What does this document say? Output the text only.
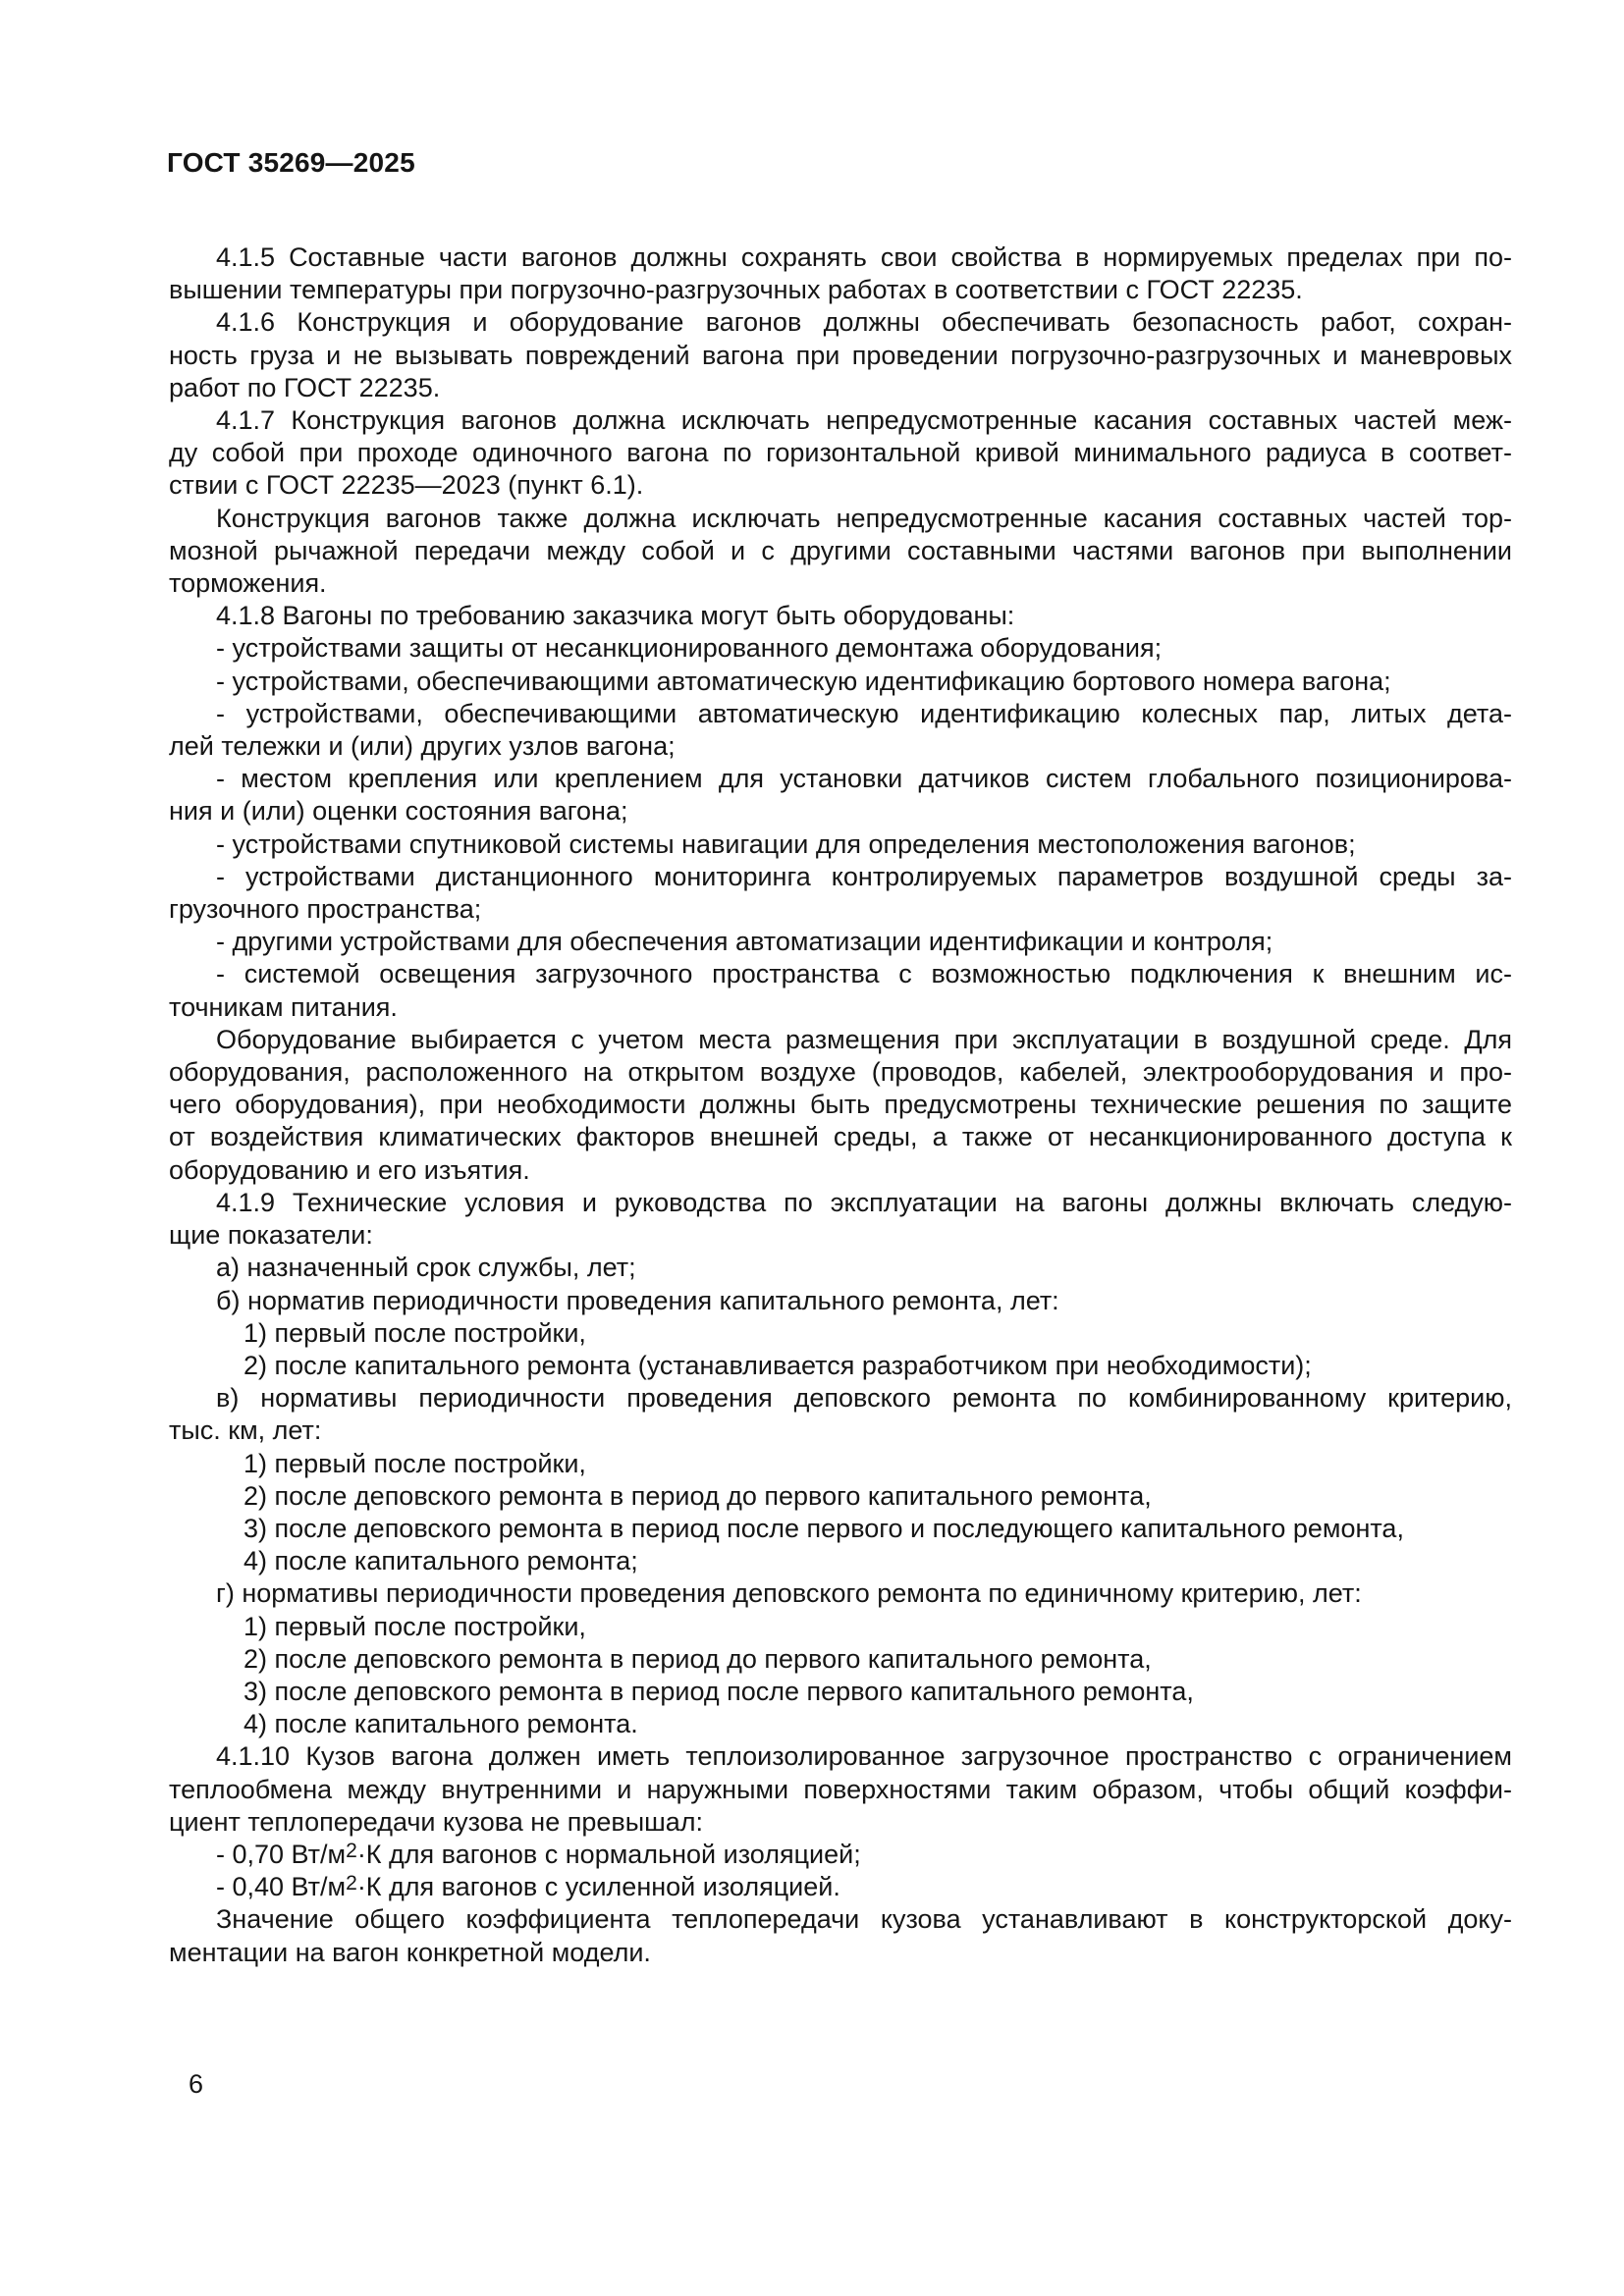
ГОСТ 35269—2025
4.1.5 Составные части вагонов должны сохранять свои свойства в нормируемых пределах при по-
вышении температуры при погрузочно-разгрузочных работах в соответствии с ГОСТ 22235.
4.1.6 Конструкция и оборудование вагонов должны обеспечивать безопасность работ, сохран-
ность груза и не вызывать повреждений вагона при проведении погрузочно-разгрузочных и маневровых
работ по ГОСТ 22235.
4.1.7 Конструкция вагонов должна исключать непредусмотренные касания составных частей меж-
ду собой при проходе одиночного вагона по горизонтальной кривой минимального радиуса в соответ-
ствии с ГОСТ 22235—2023 (пункт 6.1).
Конструкция вагонов также должна исключать непредусмотренные касания составных частей тор-
мозной рычажной передачи между собой и с другими составными частями вагонов при выполнении
торможения.
4.1.8 Вагоны по требованию заказчика могут быть оборудованы:
- устройствами защиты от несанкционированного демонтажа оборудования;
- устройствами, обеспечивающими автоматическую идентификацию бортового номера вагона;
- устройствами, обеспечивающими автоматическую идентификацию колесных пар, литых дета-
лей тележки и (или) других узлов вагона;
- местом крепления или креплением для установки датчиков систем глобального позиционирова-
ния и (или) оценки состояния вагона;
- устройствами спутниковой системы навигации для определения местоположения вагонов;
- устройствами дистанционного мониторинга контролируемых параметров воздушной среды за-
грузочного пространства;
- другими устройствами для обеспечения автоматизации идентификации и контроля;
- системой освещения загрузочного пространства с возможностью подключения к внешним ис-
точникам питания.
Оборудование выбирается с учетом места размещения при эксплуатации в воздушной среде. Для
оборудования, расположенного на открытом воздухе (проводов, кабелей, электрооборудования и про-
чего оборудования), при необходимости должны быть предусмотрены технические решения по защите
от воздействия климатических факторов внешней среды, а также от несанкционированного доступа к
оборудованию и его изъятия.
4.1.9 Технические условия и руководства по эксплуатации на вагоны должны включать следую-
щие показатели:
а) назначенный срок службы, лет;
б) норматив периодичности проведения капитального ремонта, лет:
1) первый после постройки,
2) после капитального ремонта (устанавливается разработчиком при необходимости);
в) нормативы периодичности проведения деповского ремонта по комбинированному критерию,
тыс. км, лет:
1) первый после постройки,
2) после деповского ремонта в период до первого капитального ремонта,
3) после деповского ремонта в период после первого и последующего капитального ремонта,
4) после капитального ремонта;
г) нормативы периодичности проведения деповского ремонта по единичному критерию, лет:
1) первый после постройки,
2) после деповского ремонта в период до первого капитального ремонта,
3) после деповского ремонта в период после первого капитального ремонта,
4) после капитального ремонта.
4.1.10 Кузов вагона должен иметь теплоизолированное загрузочное пространство с ограничением
теплообмена между внутренними и наружными поверхностями таким образом, чтобы общий коэффи-
циент теплопередачи кузова не превышал:
- 0,70 $Вт/м^2\cdot К$ для вагонов с нормальной изоляцией;
- 0,40 $Вт/м^2\cdot К$ для вагонов с усиленной изоляцией.
Значение общего коэффициента теплопередачи кузова устанавливают в конструкторской доку-
ментации на вагон конкретной модели.
6
